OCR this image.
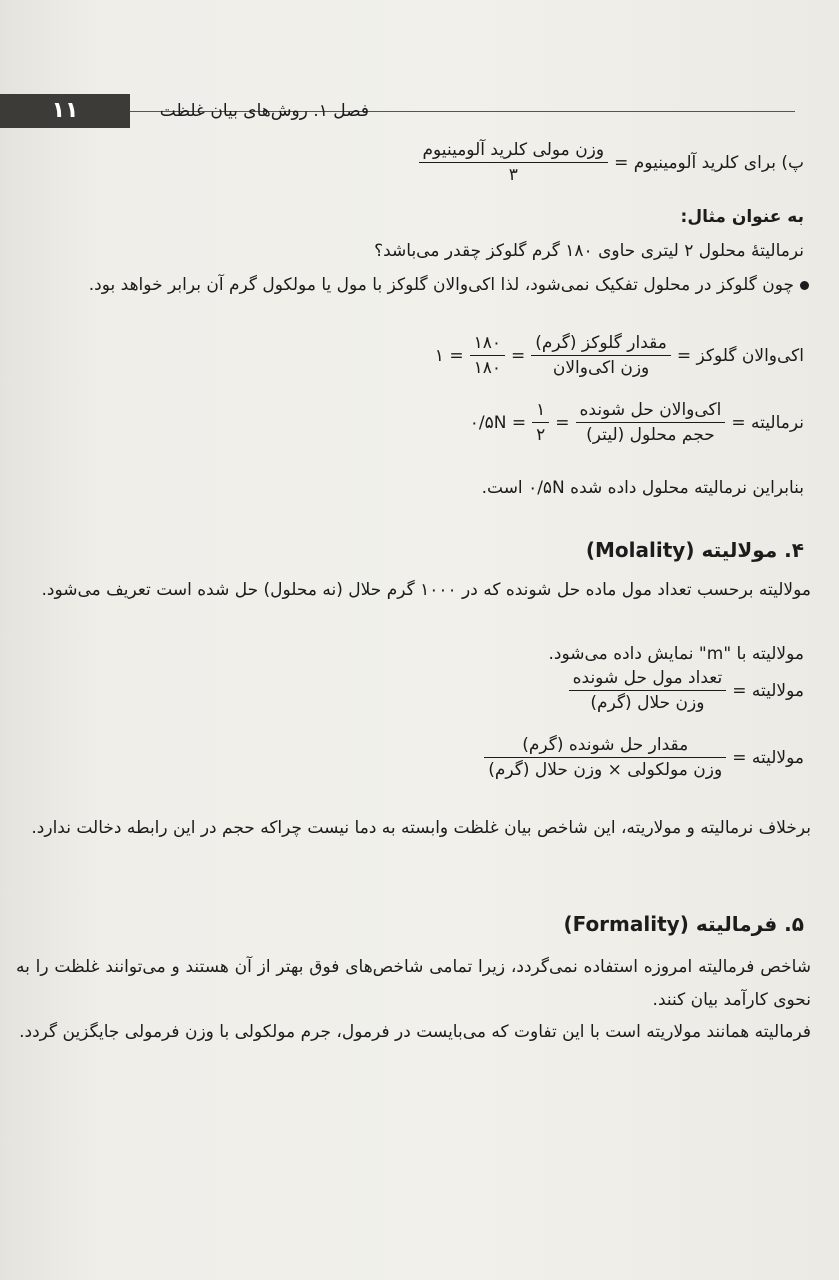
۱۱	فصل ۱. روش‌های بیان غلظت
پ) برای کلرید آلومینیوم =
$\frac{\text{وزن مولی کلرید آلومینیوم}}{۳}$
به عنوان مثال:
نرمالیتهٔ محلول ۲ لیتری حاوی ۱۸۰ گرم گلوکز چقدر می‌باشد؟
چون گلوکز در محلول تفکیک نمی‌شود، لذا اکی‌والان گلوکز با مول یا مولکول گرم آن برابر خواهد بود.
اکی‌والان گلوکز =
$\frac{\text{مقدار گلوکز (گرم)}}{\text{وزن اکی‌والان}}$
=
$\frac{۱۸۰}{۱۸۰}$
= ۱
نرمالیته =
$\frac{\text{اکی‌والان حل شونده}}{\text{حجم محلول (لیتر)}}$
=
$\frac{۱}{۲}$
= ۰/۵N
بنابراین نرمالیته محلول داده شده ۰/۵N است.
۴. مولالیته (Molality)
مولالیته برحسب تعداد مول ماده حل شونده که در ۱۰۰۰ گرم حلال (نه محلول) حل شده است تعریف می‌شود.
مولالیته با "m" نمایش داده می‌شود.
مولالیته =
$\frac{\text{تعداد مول حل شونده}}{\text{وزن حلال (گرم)}}$
مولالیته =
$\frac{\text{مقدار حل شونده (گرم)}}{\text{وزن مولکولی × وزن حلال (گرم)}}$
برخلاف نرمالیته و مولاریته، این شاخص بیان غلظت وابسته به دما نیست چراکه حجم در این رابطه دخالت ندارد.
۵. فرمالیته (Formality)
شاخص فرمالیته امروزه استفاده نمی‌گردد، زیرا تمامی شاخص‌های فوق بهتر از آن هستند و می‌توانند غلظت را به نحوی کارآمد بیان کنند.
فرمالیته همانند مولاریته است با این تفاوت که می‌بایست در فرمول، جرم مولکولی با وزن فرمولی جایگزین گردد.
